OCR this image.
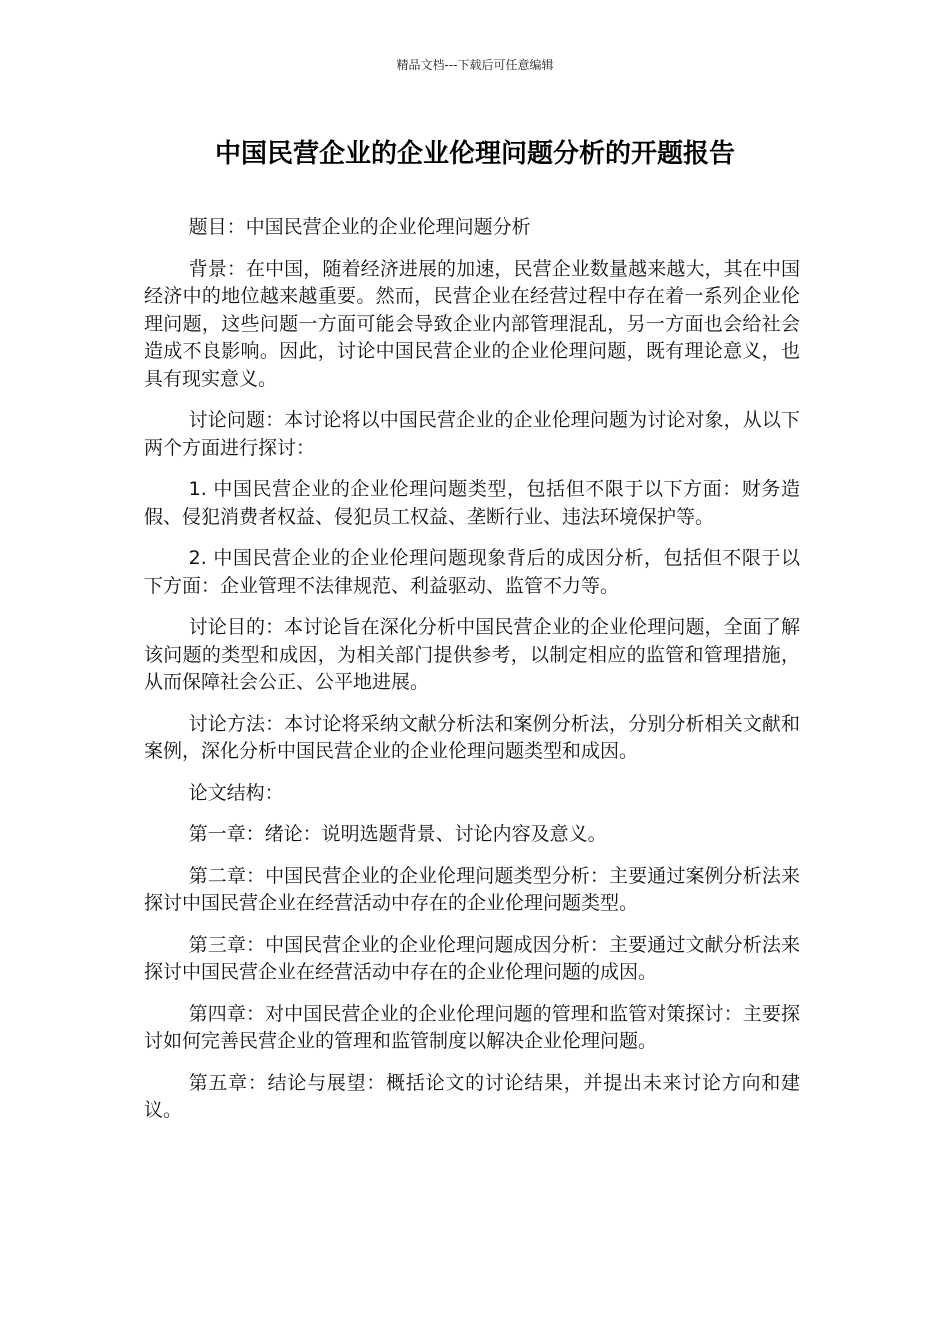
精品文档---下载后可任意编辑
中国民营企业的企业伦理问题分析的开题报告

题目：中国民营企业的企业伦理问题分析

背景：在中国，随着经济进展的加速，民营企业数量越来越大，其在中国经济中的地位越来越重要。然而，民营企业在经营过程中存在着一系列企业伦理问题，这些问题一方面可能会导致企业内部管理混乱，另一方面也会给社会造成不良影响。因此，讨论中国民营企业的企业伦理问题，既有理论意义，也具有现实意义。

讨论问题：本讨论将以中国民营企业的企业伦理问题为讨论对象，从以下两个方面进行探讨：

1. 中国民营企业的企业伦理问题类型，包括但不限于以下方面：财务造假、侵犯消费者权益、侵犯员工权益、垄断行业、违法环境保护等。

2. 中国民营企业的企业伦理问题现象背后的成因分析，包括但不限于以下方面：企业管理不法律规范、利益驱动、监管不力等。

讨论目的：本讨论旨在深化分析中国民营企业的企业伦理问题，全面了解该问题的类型和成因，为相关部门提供参考，以制定相应的监管和管理措施，从而保障社会公正、公平地进展。

讨论方法：本讨论将采纳文献分析法和案例分析法，分别分析相关文献和案例，深化分析中国民营企业的企业伦理问题类型和成因。

论文结构：

第一章：绪论：说明选题背景、讨论内容及意义。

第二章：中国民营企业的企业伦理问题类型分析：主要通过案例分析法来探讨中国民营企业在经营活动中存在的企业伦理问题类型。

第三章：中国民营企业的企业伦理问题成因分析：主要通过文献分析法来探讨中国民营企业在经营活动中存在的企业伦理问题的成因。

第四章：对中国民营企业的企业伦理问题的管理和监管对策探讨：主要探讨如何完善民营企业的管理和监管制度以解决企业伦理问题。

第五章：结论与展望：概括论文的讨论结果，并提出未来讨论方向和建议。
